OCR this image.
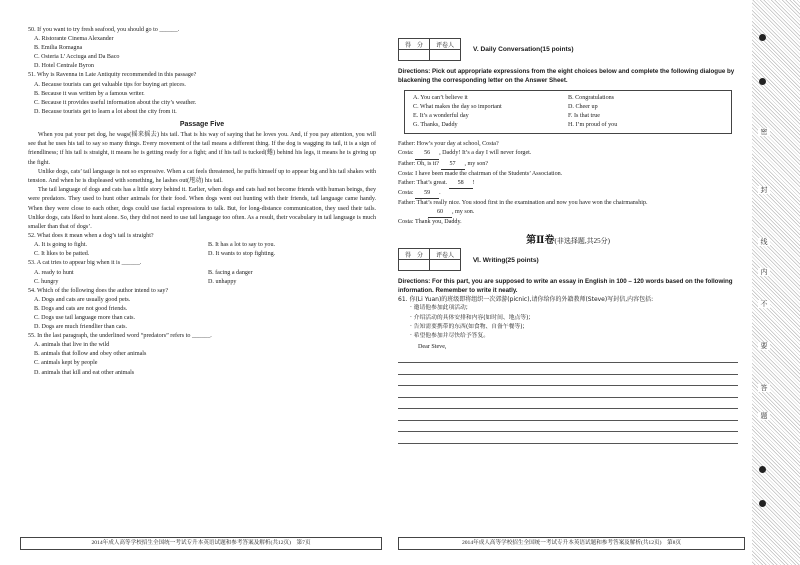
50. If you want to try fresh seafood, you should go to ______.
A. Ristorante Cinema Alexander
B. Emilia Romagna
C. Osteria L’ Acciuga and Da Baco
D. Hotel Centrale Byron
51. Why is Ravenna in Late Antiquity recommended in this passage?
A. Because tourists can get valuable tips for buying art pieces.
B. Because it was written by a famous writer.
C. Because it provides useful information about the city’s weather.
D. Because tourists get to learn a lot about the city from it.
Passage Five
When you pat your pet dog, he wags(摇来摇去) his tail. That is his way of saying that he loves you. And, if you pay attention, you will see that he uses his tail to say so many things. Every movement of the tail means a different thing. If the dog is wagging its tail, it is a sign of friendliness; if his tail is straight, it means he is getting ready for a fight; and if his tail is tucked(蜷) behind his legs, it means he is giving up the fight.
Unlike dogs, cats’ tail language is not so expressive. When a cat feels threatened, he puffs himself up to appear big and his tail shakes with tension. And when he is displeased with something, he lashes out(甩动) his tail.
The tail language of dogs and cats has a little story behind it. Earlier, when dogs and cats had not become friends with human beings, they were predators. They used to hunt other animals for their food. When dogs went out hunting with their friends, tail language came handy. When they were close to each other, dogs could use facial expressions to talk. But, for long-distance communication, they used their tails. Unlike dogs, cats liked to hunt alone. So, they did not need to use tail language too often. As a result, their vocabulary in tail language is much smaller than that of dogs’.
52. What does it mean when a dog’s tail is straight?
A. It is going to fight.	B. It has a lot to say to you.
C. It likes to be patted.	D. It wants to stop fighting.
53. A cat tries to appear big when it is ______.
A. ready to hunt	B. facing a danger
C. hungry	D. unhappy
54. Which of the following does the author intend to say?
A. Dogs and cats are usually good pets.
B. Dogs and cats are not good friends.
C. Dogs use tail language more than cats.
D. Dogs are much friendlier than cats.
55. In the last paragraph, the underlined word “predators” refers to ______.
A. animals that live in the wild
B. animals that follow and obey other animals
C. animals kept by people
D. animals that kill and eat other animals
2014年成人高等学校招生全国统一考试专升本英语试题和参考答案及解析(共12页)　第7页
得　分	评卷人

V. Daily Conversation(15 points)
Directions: Pick out appropriate expressions from the eight choices below and complete the following dialogue by blackening the corresponding letter on the Answer Sheet.
A. You can’t believe it	B. Congratulations
C. What makes the day so important	D. Cheer up
E. It’s a wonderful day	F. Is that true
G. Thanks, Daddy	H. I’m proud of you
Father: How’s your day at school, Costa?
Costa: 56 , Daddy! It’s a day I will never forget.
Father: Oh, is it? 57 , my son?
Costa: I have been made the chairman of the Students’ Association.
Father: That’s great. 58 !
Costa: 59 .
Father: That’s really nice. You stood first in the examination and now you have won the chairmanship.
60 , my son.
Costa: Thank you, Daddy.
第Ⅱ卷(非选择题,共25分)
得　分	评卷人

Ⅵ. Writing(25 points)
Directions: For this part, you are supposed to write an essay in English in 100 – 120 words based on the following information. Remember to write it neatly.
61. 你(Li Yuan)的班级即将组织一次郊游(picnic),请你给你的外籍教师(Steve)写封信,内容包括:
· 邀请他参加此项活动;
· 介绍活动的具体安排和内容(如时间、地点等);
· 告知需要携带的东西(如食物、自备午餐等);
· 希望他参加并尽快给予答复。
Dear Steve,
2014年成人高等学校招生全国统一考试专升本英语试题和参考答案及解析(共12页)　第8页
密
封
线
内
不
要
答
题
